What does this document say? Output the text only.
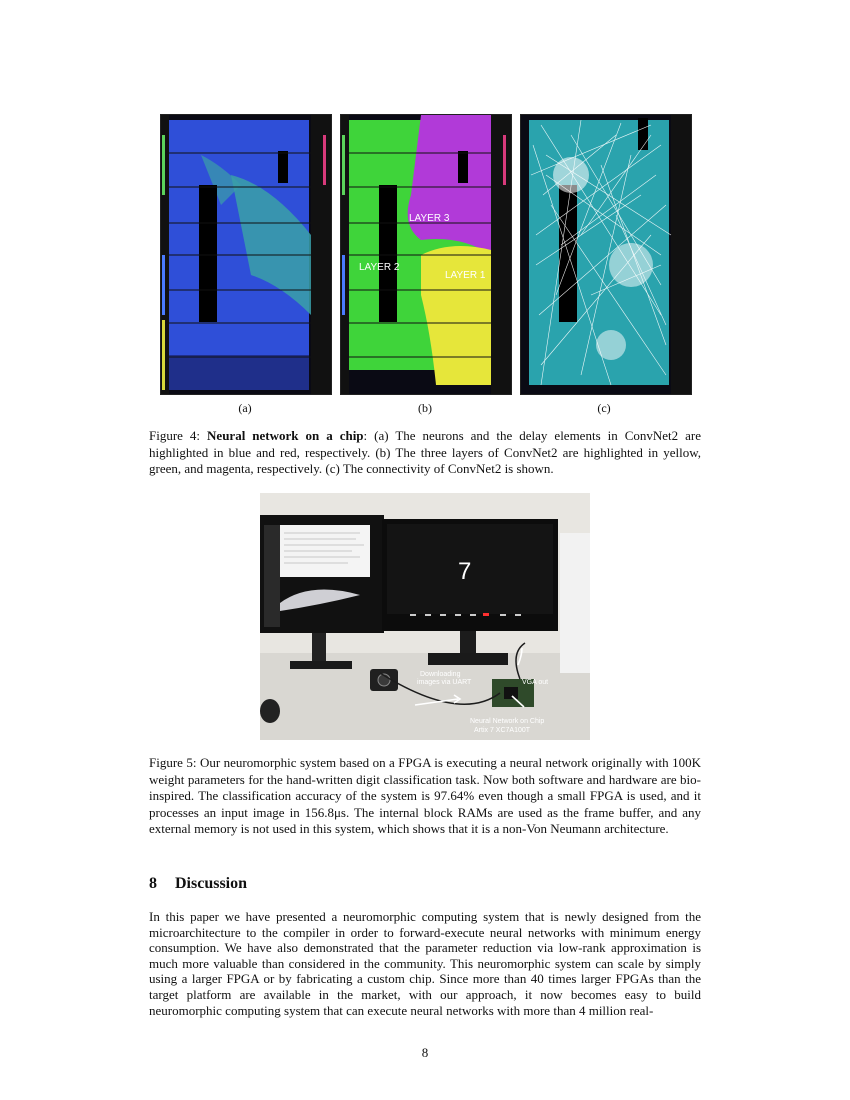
LAYER 3
LAYER 2
LAYER 1
(a)	(b)	(c)
Figure 4: Neural network on a chip: (a) The neurons and the delay elements in ConvNet2 are highlighted in blue and red, respectively. (b) The three layers of ConvNet2 are highlighted in yellow, green, and magenta, respectively. (c) The connectivity of ConvNet2 is shown.
7
Downloading
images via UART	VGA out
Neural Network on Chip
Artix 7 XC7A100T
Figure 5: Our neuromorphic system based on a FPGA is executing a neural network originally with 100K weight parameters for the hand-written digit classification task. Now both software and hardware are bio-inspired. The classification accuracy of the system is 97.64% even though a small FPGA is used, and it processes an input image in 156.8μs. The internal block RAMs are used as the frame buffer, and any external memory is not used in this system, which shows that it is a non-Von Neumann architecture.
8 Discussion
In this paper we have presented a neuromorphic computing system that is newly designed from the microarchitecture to the compiler in order to forward-execute neural networks with minimum energy consumption. We have also demonstrated that the parameter reduction via low-rank approximation is much more valuable than considered in the community. This neuromorphic system can scale by simply using a larger FPGA or by fabricating a custom chip. Since more than 40 times larger FPGAs than the target platform are available in the market, with our approach, it now becomes easy to build neuromorphic computing system that can execute neural networks with more than 4 million real-
8
